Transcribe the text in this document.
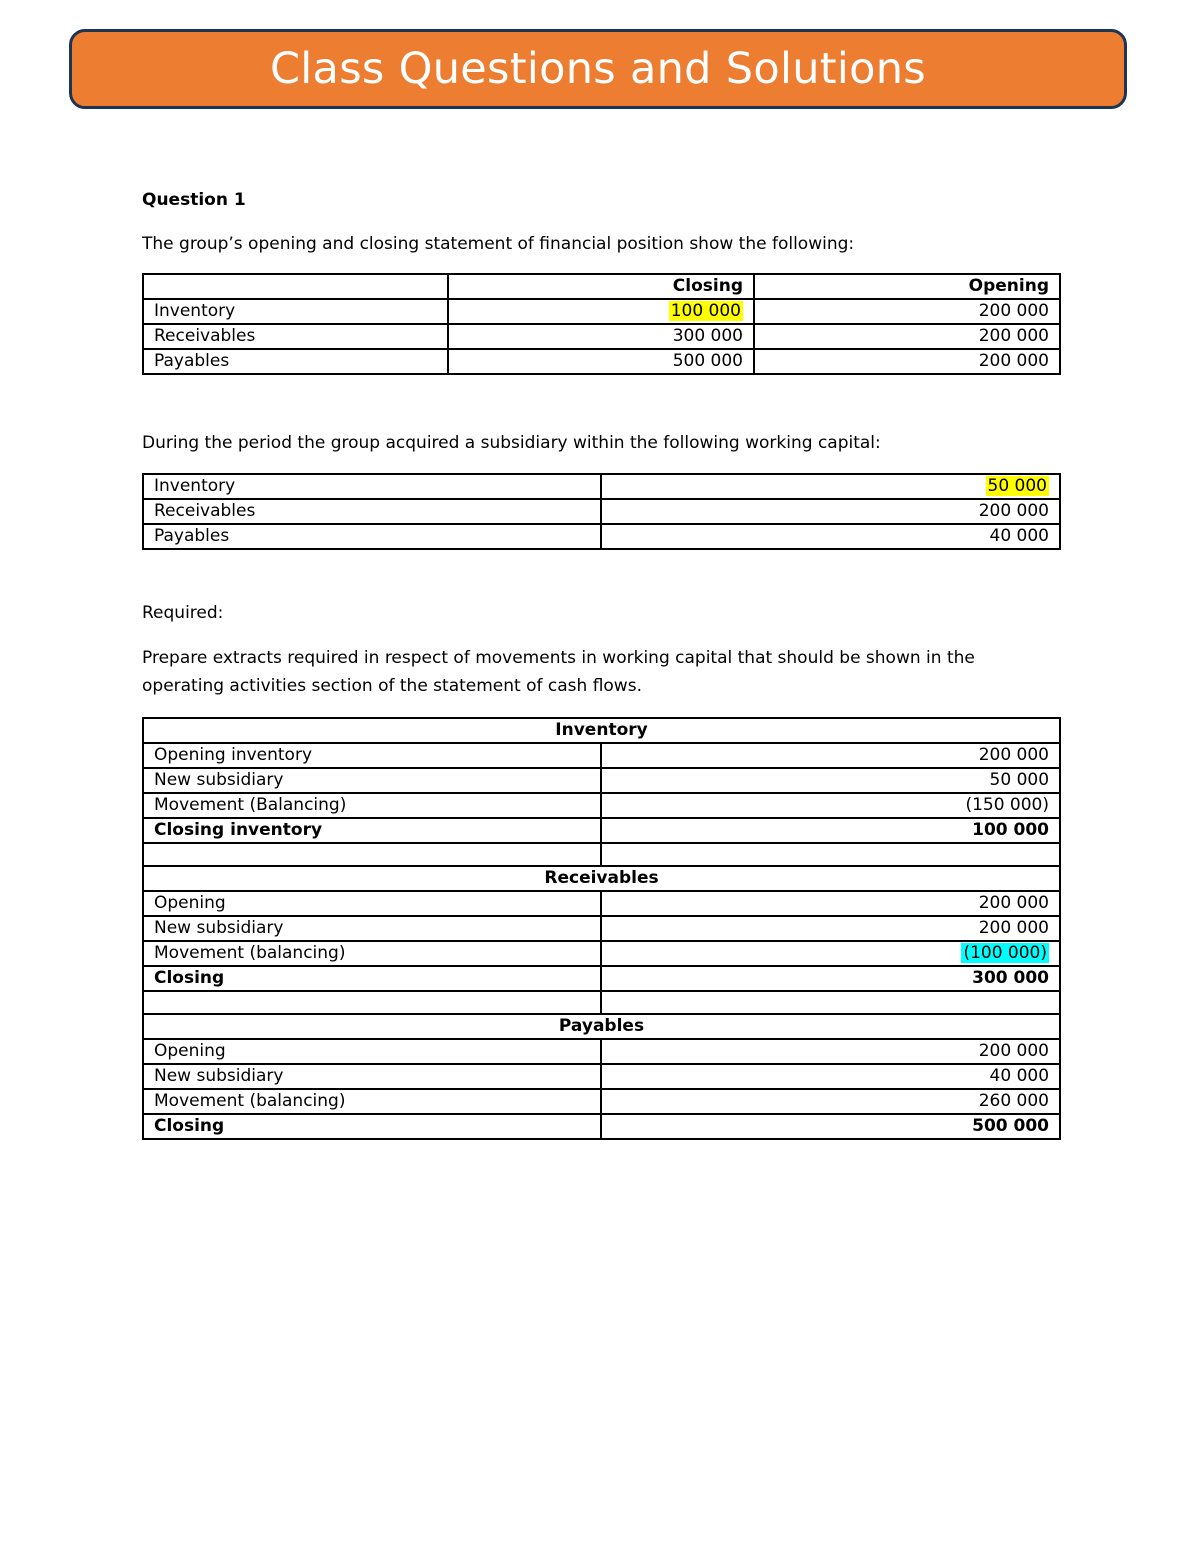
Class Questions and Solutions
Question 1
The group’s opening and closing statement of financial position show the following:
	Closing	Opening
Inventory	100 000	200 000
Receivables	300 000	200 000
Payables	500 000	200 000
During the period the group acquired a subsidiary within the following working capital:
Inventory	50 000
Receivables	200 000
Payables	40 000
Required:
Prepare extracts required in respect of movements in working capital that should be shown in the
operating activities section of the statement of cash flows.
Inventory	
Opening inventory	200 000
New subsidiary	50 000
Movement (Balancing)	(150 000)
Closing inventory	100 000

Receivables	
Opening	200 000
New subsidiary	200 000
Movement (balancing)	(100 000)
Closing	300 000

Payables	
Opening	200 000
New subsidiary	40 000
Movement (balancing)	260 000
Closing	500 000
